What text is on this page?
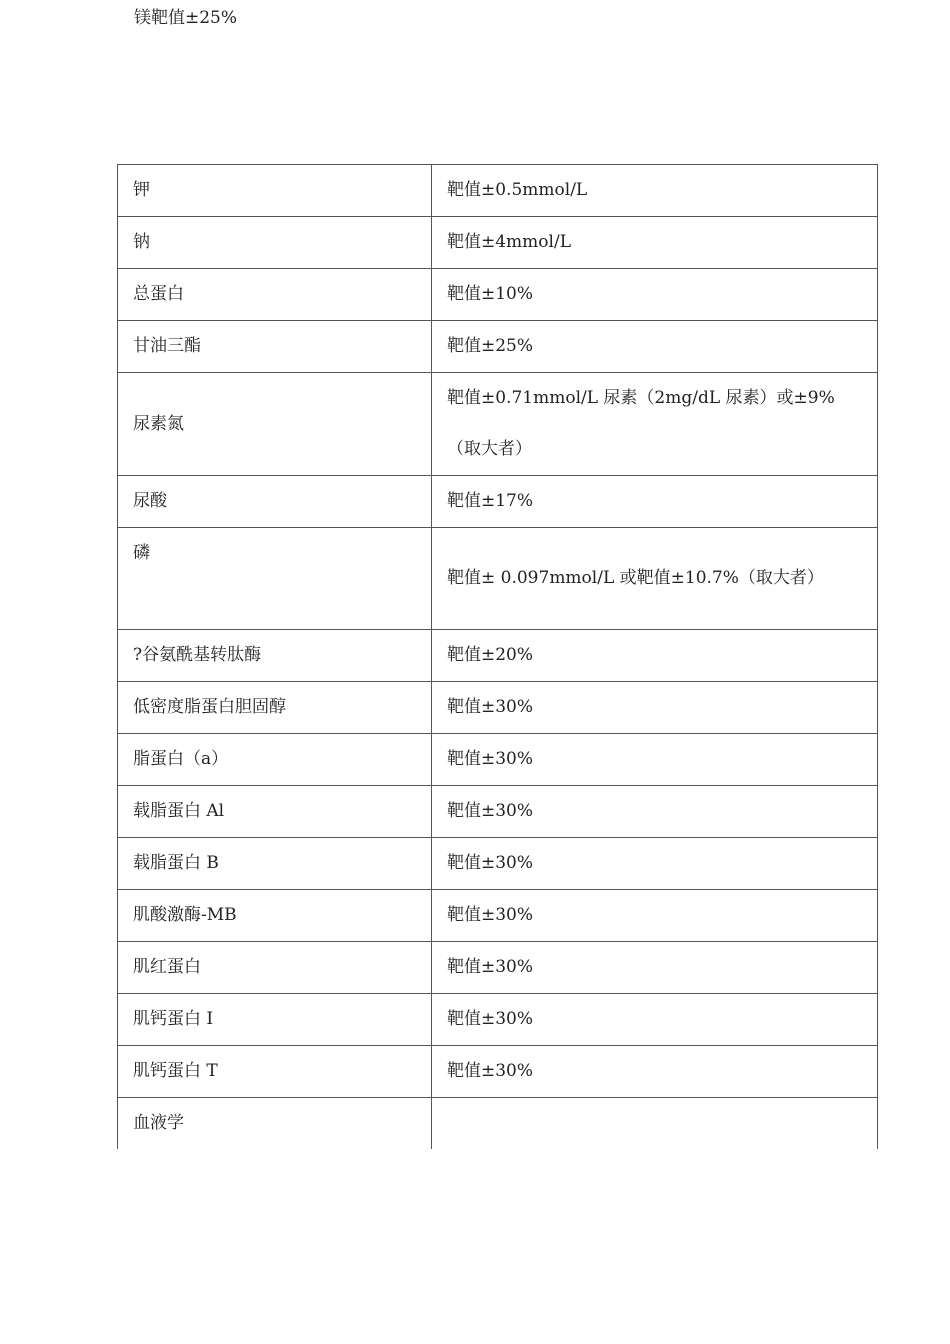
镁靶值±25%
钾	靶值±0.5mmol/L
钠	靶值±4mmol/L
总蛋白	靶值±10%
甘油三酯	靶值±25%
尿素氮	靶值±0.71mmol/L 尿素（2mg/dL 尿素）或±9%（取大者）
尿酸	靶值±17%
磷	靶值± 0.097mmol/L 或靶值±10.7%（取大者）
?谷氨酰基转肽酶	靶值±20%
低密度脂蛋白胆固醇	靶值±30%
脂蛋白（a）	靶值±30%
载脂蛋白 Al	靶值±30%
载脂蛋白 B	靶值±30%
肌酸激酶-MB	靶值±30%
肌红蛋白	靶值±30%
肌钙蛋白 I	靶值±30%
肌钙蛋白 T	靶值±30%
血液学	
